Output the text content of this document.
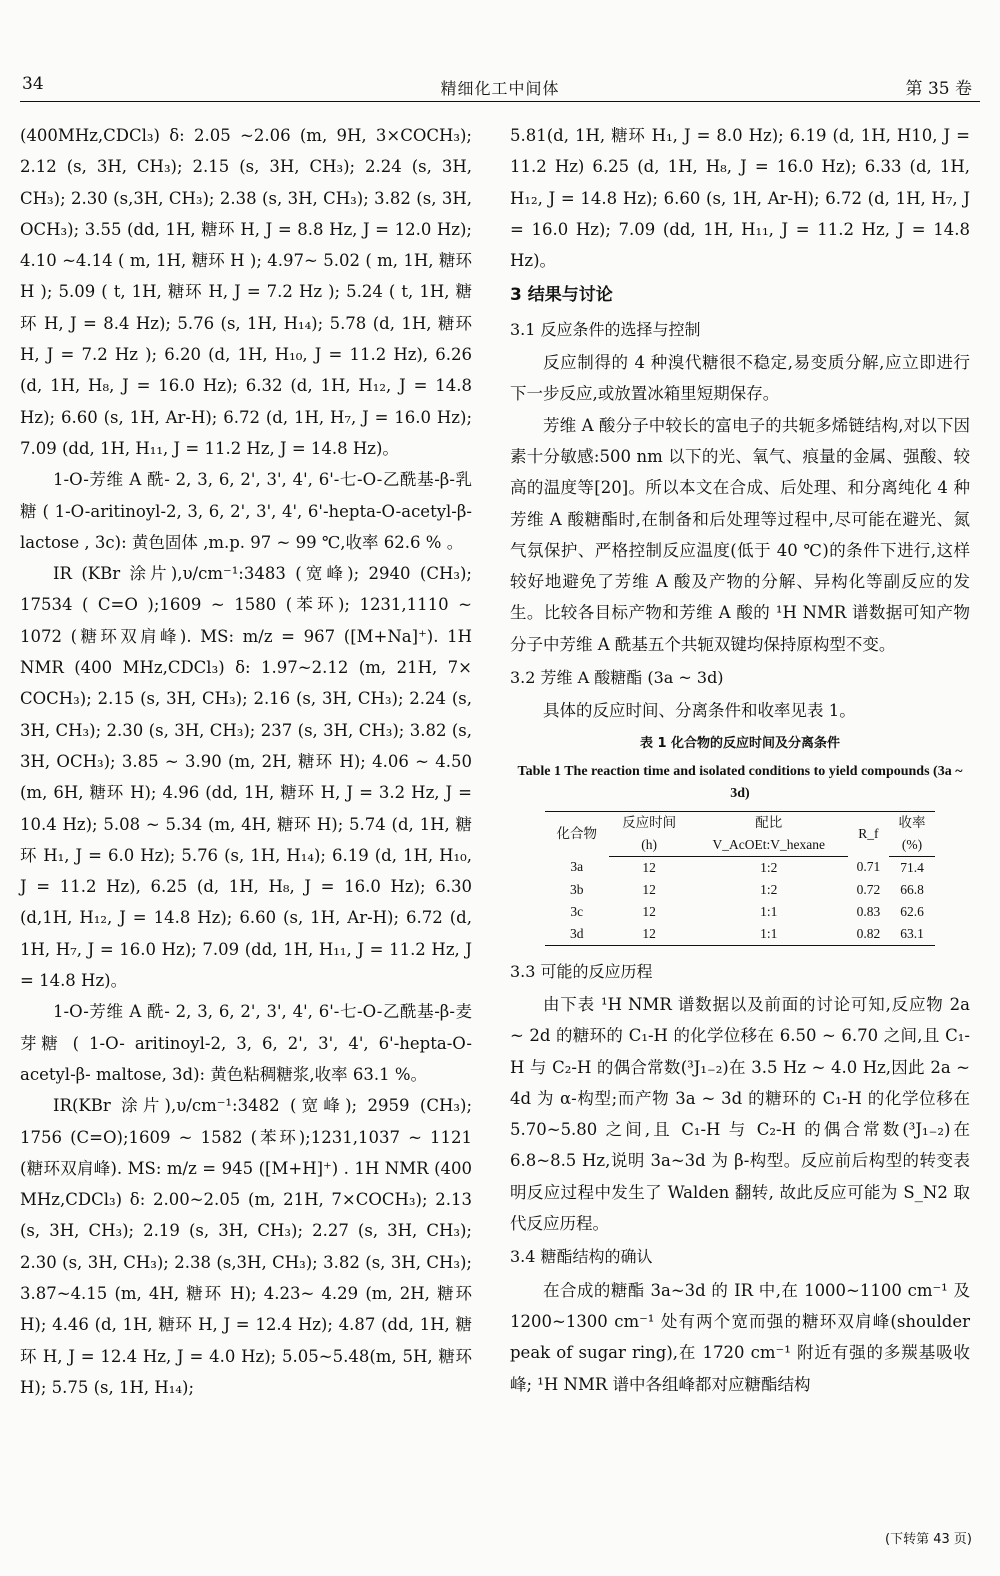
34	精细化工中间体	第 35 卷

(400MHz,CDCl₃) δ: 2.05 ~2.06 (m, 9H, 3×COCH₃); 2.12 (s, 3H, CH₃); 2.15 (s, 3H, CH₃); 2.24 (s, 3H, CH₃); 2.30 (s,3H, CH₃); 2.38 (s, 3H, CH₃); 3.82 (s, 3H, OCH₃); 3.55 (dd, 1H, 糖环 H, J = 8.8 Hz, J = 12.0 Hz); 4.10 ~4.14 ( m, 1H, 糖环 H ); 4.97~ 5.02 ( m, 1H, 糖环 H ); 5.09 ( t, 1H, 糖环 H, J = 7.2 Hz ); 5.24 ( t, 1H, 糖环 H, J = 8.4 Hz); 5.76 (s, 1H, H₁₄); 5.78 (d, 1H, 糖环 H, J = 7.2 Hz ); 6.20 (d, 1H, H₁₀, J = 11.2 Hz), 6.26 (d, 1H, H₈, J = 16.0 Hz); 6.32 (d, 1H, H₁₂, J = 14.8 Hz); 6.60 (s, 1H, Ar-H); 6.72 (d, 1H, H₇, J = 16.0 Hz); 7.09 (dd, 1H, H₁₁, J = 11.2 Hz, J = 14.8 Hz)。

1-O-芳维 A 酰- 2, 3, 6, 2', 3', 4', 6'-七-O-乙酰基-β-乳糖 ( 1-O-aritinoyl-2, 3, 6, 2', 3', 4', 6'-hepta-O-acetyl-β- lactose , 3c): 黄色固体 ,m.p. 97 ~ 99 ℃,收率 62.6 % 。

IR (KBr 涂片),υ/cm⁻¹:3483 (宽峰); 2940 (CH₃); 17534 ( C=O );1609 ~ 1580 (苯环); 1231,1110 ~ 1072 (糖环双肩峰). MS: m/z = 967 ([M+Na]⁺). 1H NMR (400 MHz,CDCl₃) δ: 1.97~2.12 (m, 21H, 7× COCH₃); 2.15 (s, 3H, CH₃); 2.16 (s, 3H, CH₃); 2.24 (s, 3H, CH₃); 2.30 (s, 3H, CH₃); 237 (s, 3H, CH₃); 3.82 (s, 3H, OCH₃); 3.85 ~ 3.90 (m, 2H, 糖环 H); 4.06 ~ 4.50 (m, 6H, 糖环 H); 4.96 (dd, 1H, 糖环 H, J = 3.2 Hz, J = 10.4 Hz); 5.08 ~ 5.34 (m, 4H, 糖环 H); 5.74 (d, 1H, 糖环 H₁, J = 6.0 Hz); 5.76 (s, 1H, H₁₄); 6.19 (d, 1H, H₁₀, J = 11.2 Hz), 6.25 (d, 1H, H₈, J = 16.0 Hz); 6.30 (d,1H, H₁₂, J = 14.8 Hz); 6.60 (s, 1H, Ar-H); 6.72 (d, 1H, H₇, J = 16.0 Hz); 7.09 (dd, 1H, H₁₁, J = 11.2 Hz, J = 14.8 Hz)。

1-O-芳维 A 酰- 2, 3, 6, 2', 3', 4', 6'-七-O-乙酰基-β-麦芽糖 ( 1-O- aritinoyl-2, 3, 6, 2', 3', 4', 6'-hepta-O-acetyl-β- maltose, 3d): 黄色粘稠糖浆,收率 63.1 %。

IR(KBr 涂片),υ/cm⁻¹:3482 (宽峰); 2959 (CH₃); 1756 (C=O);1609 ~ 1582 (苯环);1231,1037 ~ 1121 (糖环双肩峰). MS: m/z = 945 ([M+H]⁺) . 1H NMR (400 MHz,CDCl₃) δ: 2.00~2.05 (m, 21H, 7×COCH₃); 2.13 (s, 3H, CH₃); 2.19 (s, 3H, CH₃); 2.27 (s, 3H, CH₃); 2.30 (s, 3H, CH₃); 2.38 (s,3H, CH₃); 3.82 (s, 3H, CH₃); 3.87~4.15 (m, 4H, 糖环 H); 4.23~ 4.29 (m, 2H, 糖环 H); 4.46 (d, 1H, 糖环 H, J = 12.4 Hz); 4.87 (dd, 1H, 糖环 H, J = 12.4 Hz, J = 4.0 Hz); 5.05~5.48(m, 5H, 糖环 H); 5.75 (s, 1H, H₁₄);

5.81(d, 1H, 糖环 H₁, J = 8.0 Hz); 6.19 (d, 1H, H10, J = 11.2 Hz) 6.25 (d, 1H, H₈, J = 16.0 Hz); 6.33 (d, 1H, H₁₂, J = 14.8 Hz); 6.60 (s, 1H, Ar-H); 6.72 (d, 1H, H₇, J = 16.0 Hz); 7.09 (dd, 1H, H₁₁, J = 11.2 Hz, J = 14.8 Hz)。

3 结果与讨论
3.1 反应条件的选择与控制

反应制得的 4 种溴代糖很不稳定,易变质分解,应立即进行下一步反应,或放置冰箱里短期保存。

芳维 A 酸分子中较长的富电子的共轭多烯链结构,对以下因素十分敏感:500 nm 以下的光、氧气、痕量的金属、强酸、较高的温度等[20]。所以本文在合成、后处理、和分离纯化 4 种芳维 A 酸糖酯时,在制备和后处理等过程中,尽可能在避光、氮气氛保护、严格控制反应温度(低于 40 ℃)的条件下进行,这样较好地避免了芳维 A 酸及产物的分解、异构化等副反应的发生。比较各目标产物和芳维 A 酸的 ¹H NMR 谱数据可知产物分子中芳维 A 酰基五个共轭双键均保持原构型不变。

3.2 芳维 A 酸糖酯 (3a ~ 3d)

具体的反应时间、分离条件和收率见表 1。

表 1 化合物的反应时间及分离条件
Table 1 The reaction time and isolated conditions to yield compounds (3a ~ 3d)
化合物	反应时间	配比	R_f	收率
	(h)	V_AcOEt:V_hexane		(%)
3a	12	1:2	0.71	71.4
3b	12	1:2	0.72	66.8
3c	12	1:1	0.83	62.6
3d	12	1:1	0.82	63.1
3.3 可能的反应历程

由下表 ¹H NMR 谱数据以及前面的讨论可知,反应物 2a ~ 2d 的糖环的 C₁-H 的化学位移在 6.50 ~ 6.70 之间,且 C₁-H 与 C₂-H 的偶合常数(³J₁₋₂)在 3.5 Hz ~ 4.0 Hz,因此 2a ~ 4d 为 α-构型;而产物 3a ~ 3d 的糖环的 C₁-H 的化学位移在 5.70~5.80 之间,且 C₁-H 与 C₂-H 的偶合常数(³J₁₋₂)在 6.8~8.5 Hz,说明 3a~3d 为 β-构型。反应前后构型的转变表明反应过程中发生了 Walden 翻转, 故此反应可能为 S_N2 取代反应历程。

3.4 糖酯结构的确认

在合成的糖酯 3a~3d 的 IR 中,在 1000~1100 cm⁻¹ 及 1200~1300 cm⁻¹ 处有两个宽而强的糖环双肩峰(shoulder peak of sugar ring),在 1720 cm⁻¹ 附近有强的多羰基吸收峰; ¹H NMR 谱中各组峰都对应糖酯结构

(下转第 43 页)
